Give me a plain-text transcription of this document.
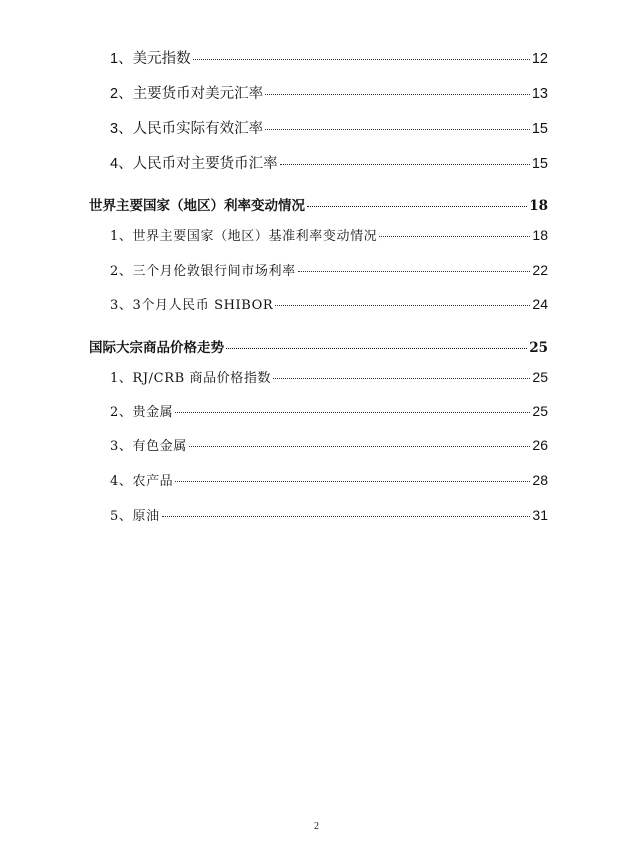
1、美元指数	12
2、主要货币对美元汇率	13
3、人民币实际有效汇率	15
4、人民币对主要货币汇率	15
世界主要国家（地区）利率变动情况	18
1、世界主要国家（地区）基准利率变动情况	18
2、三个月伦敦银行间市场利率	22
3、3个月人民币 SHIBOR	24
国际大宗商品价格走势	25
1、RJ/CRB 商品价格指数	25
2、贵金属	25
3、有色金属	26
4、农产品	28
5、原油	31
2
